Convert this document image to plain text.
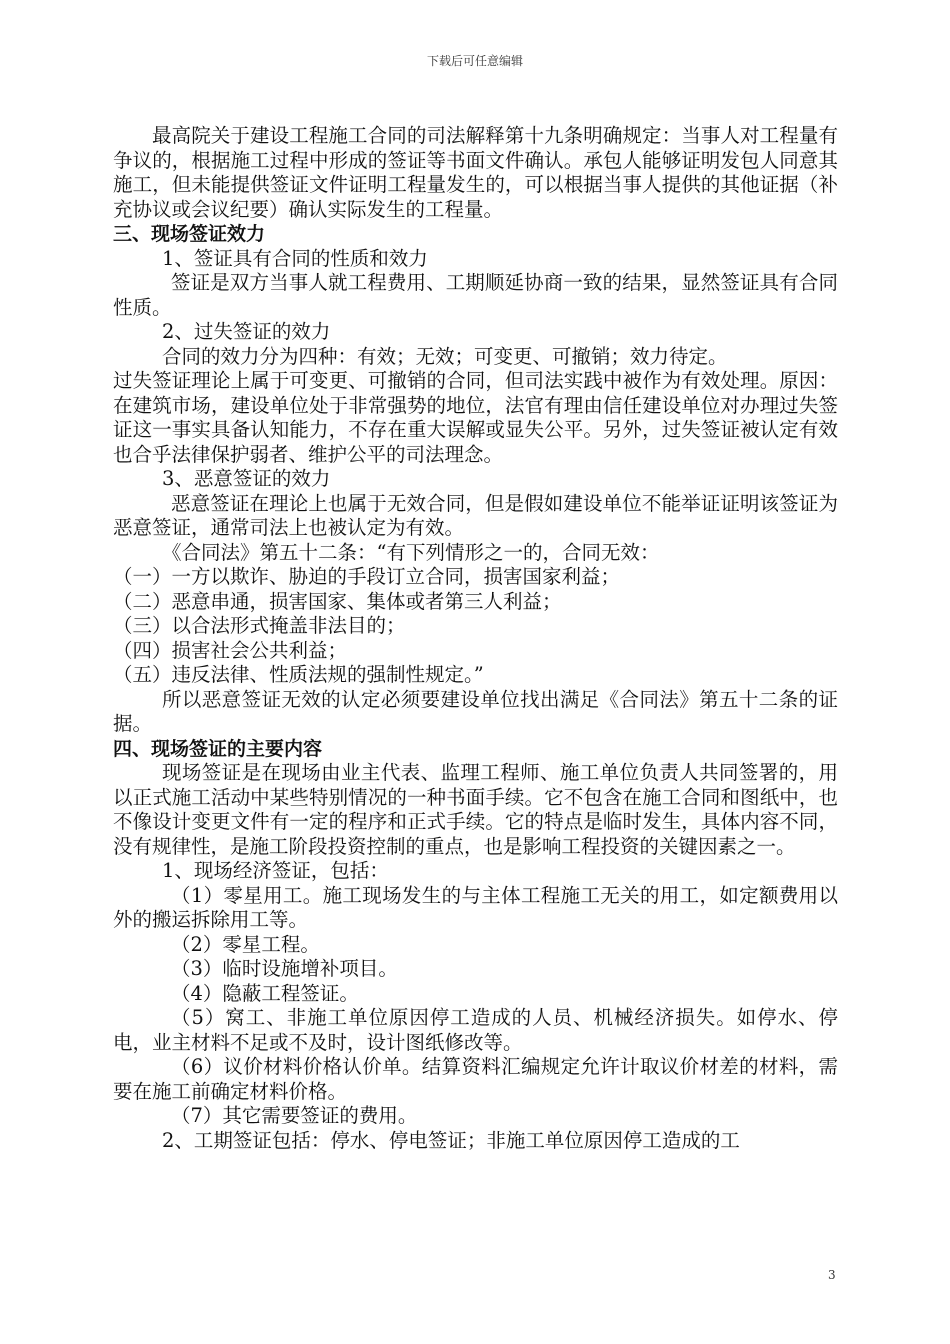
下载后可任意编辑

最高院关于建设工程施工合同的司法解释第十九条明确规定：当事人对工程量有争议的，根据施工过程中形成的签证等书面文件确认。承包人能够证明发包人同意其施工，但未能提供签证文件证明工程量发生的，可以根据当事人提供的其他证据（补充协议或会议纪要）确认实际发生的工程量。

三、现场签证效力

1、签证具有合同的性质和效力

签证是双方当事人就工程费用、工期顺延协商一致的结果，显然签证具有合同性质。

2、过失签证的效力

合同的效力分为四种：有效；无效；可变更、可撤销；效力待定。

过失签证理论上属于可变更、可撤销的合同，但司法实践中被作为有效处理。原因：在建筑市场，建设单位处于非常强势的地位，法官有理由信任建设单位对办理过失签证这一事实具备认知能力，不存在重大误解或显失公平。另外，过失签证被认定有效也合乎法律保护弱者、维护公平的司法理念。

3、恶意签证的效力

恶意签证在理论上也属于无效合同，但是假如建设单位不能举证证明该签证为恶意签证，通常司法上也被认定为有效。

《合同法》第五十二条：“有下列情形之一的，合同无效：

（一）一方以欺诈、胁迫的手段订立合同，损害国家利益；

（二）恶意串通，损害国家、集体或者第三人利益；

（三）以合法形式掩盖非法目的；

（四）损害社会公共利益；

（五）违反法律、性质法规的强制性规定。”

所以恶意签证无效的认定必须要建设单位找出满足《合同法》第五十二条的证据。

四、现场签证的主要内容

现场签证是在现场由业主代表、监理工程师、施工单位负责人共同签署的，用以正式施工活动中某些特别情况的一种书面手续。它不包含在施工合同和图纸中，也不像设计变更文件有一定的程序和正式手续。它的特点是临时发生，具体内容不同，没有规律性，是施工阶段投资控制的重点，也是影响工程投资的关键因素之一。

1、现场经济签证，包括：

（1）零星用工。施工现场发生的与主体工程施工无关的用工，如定额费用以外的搬运拆除用工等。

（2）零星工程。

（3）临时设施增补项目。

（4）隐蔽工程签证。

（5）窝工、非施工单位原因停工造成的人员、机械经济损失。如停水、停电，业主材料不足或不及时，设计图纸修改等。

（6）议价材料价格认价单。结算资料汇编规定允许计取议价材差的材料，需要在施工前确定材料价格。

（7）其它需要签证的费用。

2、工期签证包括：停水、停电签证；非施工单位原因停工造成的工

3
